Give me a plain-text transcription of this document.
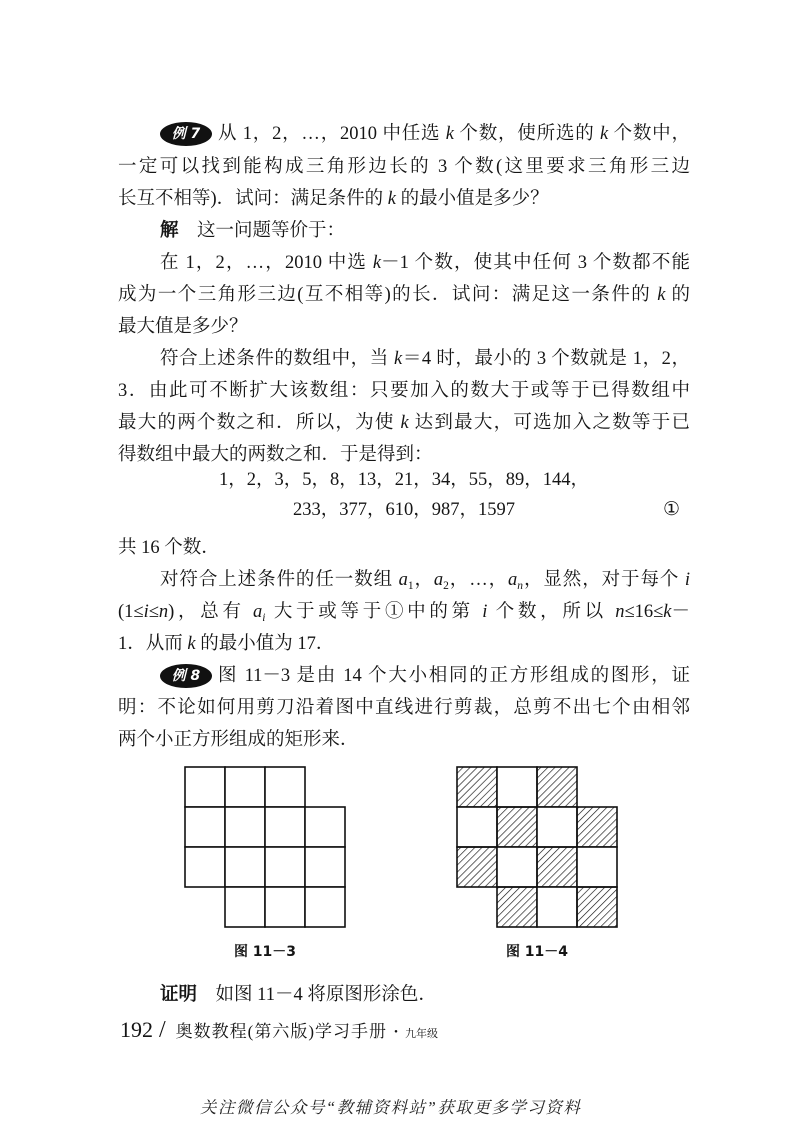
例 7 从 1，2，…，2010 中任选 k 个数，使所选的 k 个数中，
一定可以找到能构成三角形边长的 3 个数(这里要求三角形三边
长互不相等)．试问：满足条件的 k 的最小值是多少？
解　这一问题等价于：
在 1，2，…，2010 中选 k－1 个数，使其中任何 3 个数都不能
成为一个三角形三边(互不相等)的长．试问：满足这一条件的 k 的
最大值是多少？
符合上述条件的数组中，当 k＝4 时，最小的 3 个数就是 1，2，
3．由此可不断扩大该数组：只要加入的数大于或等于已得数组中
最大的两个数之和．所以，为使 k 达到最大，可选加入之数等于已
得数组中最大的两数之和．于是得到：
1，2，3，5，8，13，21，34，55，89，144，
233，377，610，987，1597	①
共 16 个数．
对符合上述条件的任一数组 a1，a2，…，an，显然，对于每个 i
(1≤i≤n)，总有 ai 大于或等于①中的第 i 个数，所以 n≤16≤k－
1．从而 k 的最小值为 17．
例 8 图 11－3 是由 14 个大小相同的正方形组成的图形，证
明：不论如何用剪刀沿着图中直线进行剪裁，总剪不出七个由相邻
两个小正方形组成的矩形来．
图 11－3	图 11－4
证明　如图 11－4 将原图形涂色．
192 / 奥数教程(第六版)学习手册 ・ 九年级
关注微信公众号“教辅资料站”获取更多学习资料
